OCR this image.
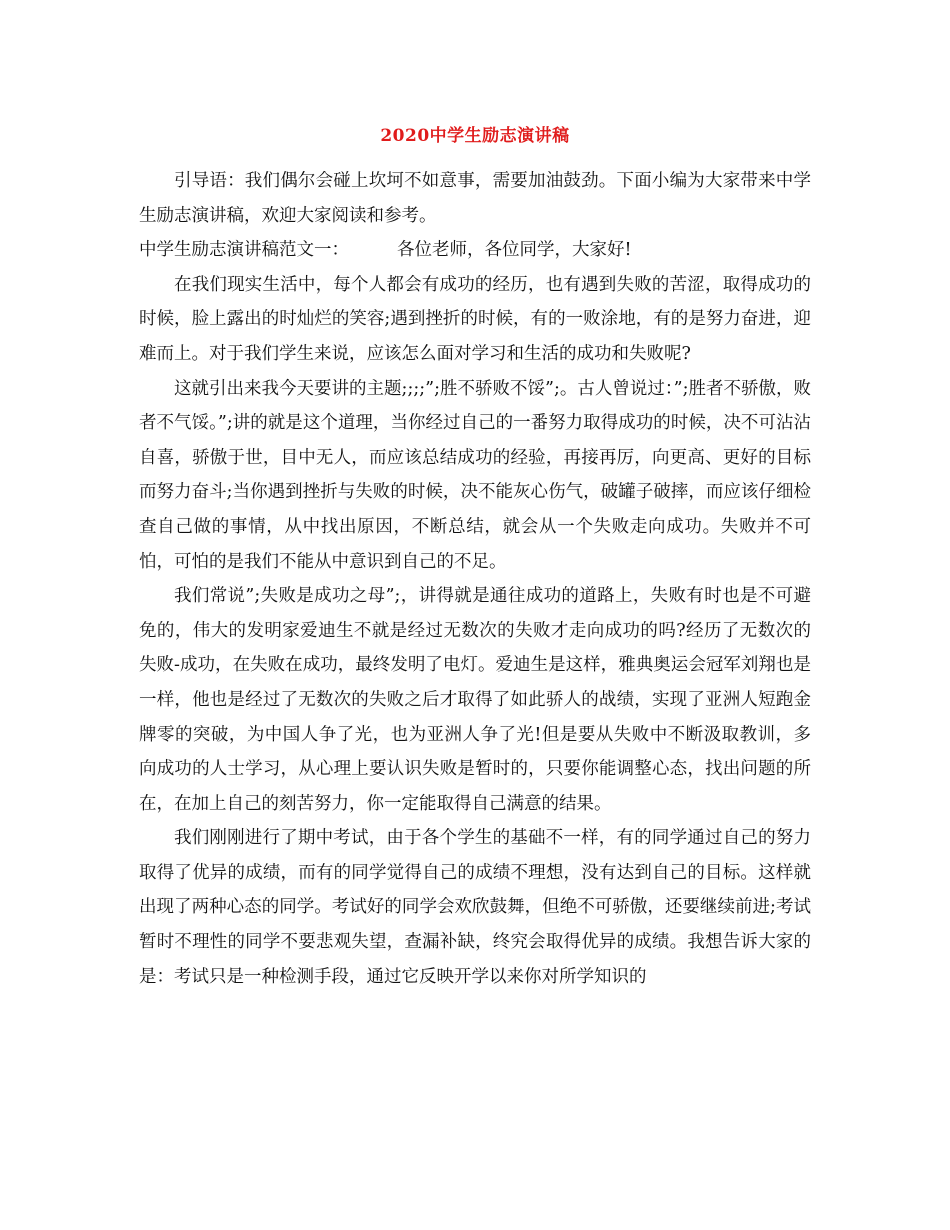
2020中学生励志演讲稿

引导语：我们偶尔会碰上坎坷不如意事，需要加油鼓劲。下面小编为大家带来中学生励志演讲稿，欢迎大家阅读和参考。

中学生励志演讲稿范文一：	各位老师，各位同学，大家好!

在我们现实生活中，每个人都会有成功的经历，也有遇到失败的苦涩，取得成功的时候，脸上露出的时灿烂的笑容;遇到挫折的时候，有的一败涂地，有的是努力奋进，迎难而上。对于我们学生来说，应该怎么面对学习和生活的成功和失败呢?

这就引出来我今天要讲的主题;;;;”;胜不骄败不馁”;。古人曾说过：”;胜者不骄傲，败者不气馁。”;讲的就是这个道理，当你经过自己的一番努力取得成功的时候，决不可沾沾自喜，骄傲于世，目中无人，而应该总结成功的经验，再接再厉，向更高、更好的目标而努力奋斗;当你遇到挫折与失败的时候，决不能灰心伤气，破罐子破摔，而应该仔细检查自己做的事情，从中找出原因，不断总结，就会从一个失败走向成功。失败并不可怕，可怕的是我们不能从中意识到自己的不足。

我们常说”;失败是成功之母”;，讲得就是通往成功的道路上，失败有时也是不可避免的，伟大的发明家爱迪生不就是经过无数次的失败才走向成功的吗?经历了无数次的失败-成功，在失败在成功，最终发明了电灯。爱迪生是这样，雅典奥运会冠军刘翔也是一样，他也是经过了无数次的失败之后才取得了如此骄人的战绩，实现了亚洲人短跑金牌零的突破，为中国人争了光，也为亚洲人争了光!但是要从失败中不断汲取教训，多向成功的人士学习，从心理上要认识失败是暂时的，只要你能调整心态，找出问题的所在，在加上自己的刻苦努力，你一定能取得自己满意的结果。

我们刚刚进行了期中考试，由于各个学生的基础不一样，有的同学通过自己的努力取得了优异的成绩，而有的同学觉得自己的成绩不理想，没有达到自己的目标。这样就出现了两种心态的同学。考试好的同学会欢欣鼓舞，但绝不可骄傲，还要继续前进;考试暂时不理性的同学不要悲观失望，查漏补缺，终究会取得优异的成绩。我想告诉大家的是：考试只是一种检测手段，通过它反映开学以来你对所学知识的
